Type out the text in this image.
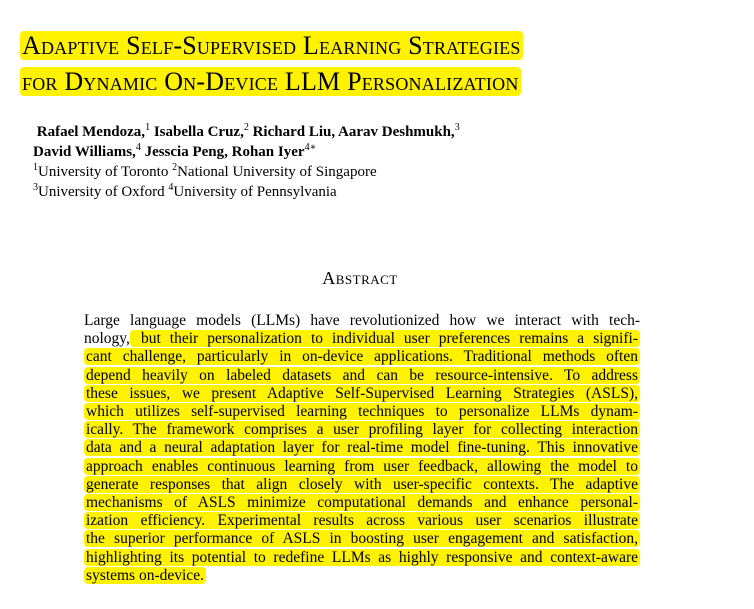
Adaptive Self-Supervised Learning Strategies
for Dynamic On-Device LLM Personalization
Rafael Mendoza,$^1$ Isabella Cruz,$^2$ Richard Liu, Aarav Deshmukh,$^3$
David Williams,$^4$ Jesscia Peng, Rohan Iyer$^{4∗}$
$^1$University of Toronto $^2$National University of Singapore
$^3$University of Oxford $^4$University of Pennsylvania
Abstract
Large language models (LLMs) have revolutionized how we interact with tech-
nology, but their personalization to individual user preferences remains a signifi-
cant challenge, particularly in on-device applications. Traditional methods often
depend heavily on labeled datasets and can be resource-intensive. To address
these issues, we present Adaptive Self-Supervised Learning Strategies (ASLS),
which utilizes self-supervised learning techniques to personalize LLMs dynam-
ically. The framework comprises a user profiling layer for collecting interaction
data and a neural adaptation layer for real-time model fine-tuning. This innovative
approach enables continuous learning from user feedback, allowing the model to
generate responses that align closely with user-specific contexts. The adaptive
mechanisms of ASLS minimize computational demands and enhance personal-
ization efficiency. Experimental results across various user scenarios illustrate
the superior performance of ASLS in boosting user engagement and satisfaction,
highlighting its potential to redefine LLMs as highly responsive and context-aware
systems on-device.
